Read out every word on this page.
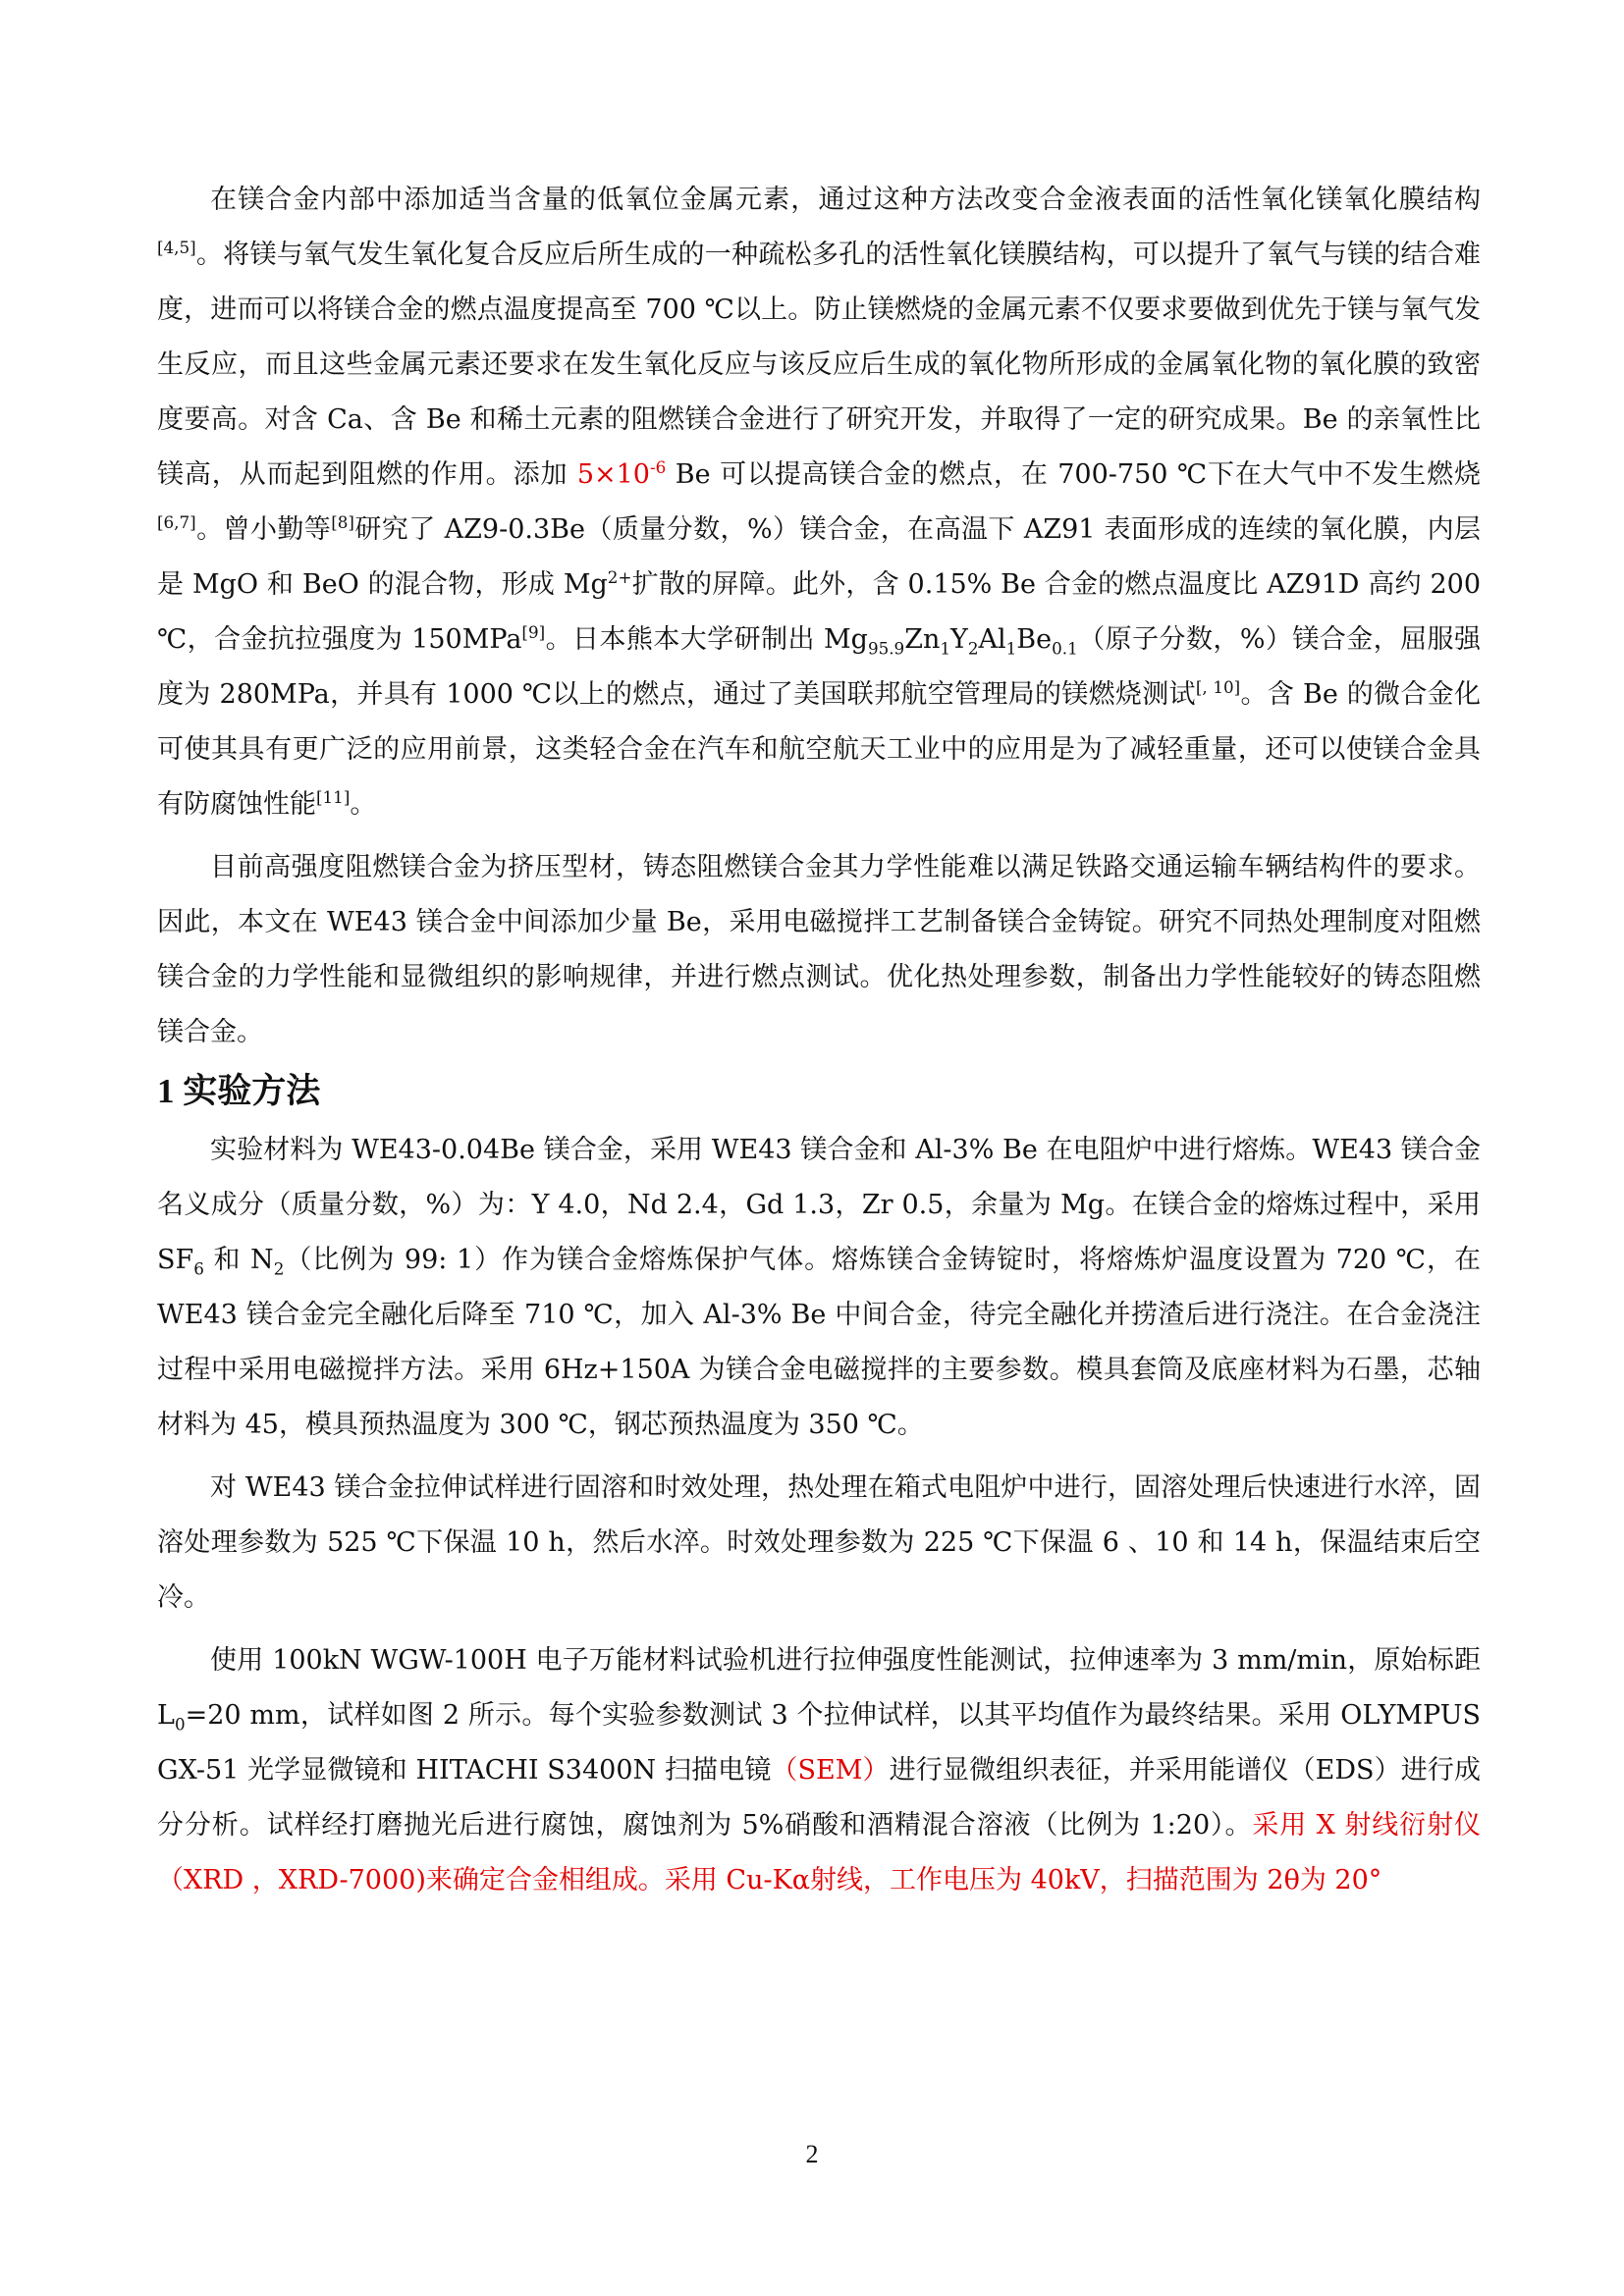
在镁合金内部中添加适当含量的低氧位金属元素，通过这种方法改变合金液表面的活性氧化镁氧化膜结构[4,5]。将镁与氧气发生氧化复合反应后所生成的一种疏松多孔的活性氧化镁膜结构，可以提升了氧气与镁的结合难度，进而可以将镁合金的燃点温度提高至 700 ℃以上。防止镁燃烧的金属元素不仅要求要做到优先于镁与氧气发生反应，而且这些金属元素还要求在发生氧化反应与该反应后生成的氧化物所形成的金属氧化物的氧化膜的致密度要高。对含 Ca、含 Be 和稀土元素的阻燃镁合金进行了研究开发，并取得了一定的研究成果。Be 的亲氧性比镁高，从而起到阻燃的作用。添加 $5\times 10^{-6}$ Be 可以提高镁合金的燃点，在 700-750 ℃下在大气中不发生燃烧[6,7]。曾小勤等[8]研究了 AZ9-0.3Be（质量分数，%）镁合金，在高温下 AZ91 表面形成的连续的氧化膜，内层是 MgO 和 BeO 的混合物，形成 $Mg^{2+}$扩散的屏障。此外，含 0.15% Be 合金的燃点温度比 AZ91D 高约 200 ℃，合金抗拉强度为 150MPa[9]。日本熊本大学研制出 $Mg_{95.9}Zn_1Y_2Al_1Be_{0.1}$（原子分数，%）镁合金，屈服强度为 280MPa，并具有 1000 ℃以上的燃点，通过了美国联邦航空管理局的镁燃烧测试[, 10]。含 Be 的微合金化可使其具有更广泛的应用前景，这类轻合金在汽车和航空航天工业中的应用是为了减轻重量，还可以使镁合金具有防腐蚀性能[11]。

目前高强度阻燃镁合金为挤压型材，铸态阻燃镁合金其力学性能难以满足铁路交通运输车辆结构件的要求。因此，本文在 WE43 镁合金中间添加少量 Be，采用电磁搅拌工艺制备镁合金铸锭。研究不同热处理制度对阻燃镁合金的力学性能和显微组织的影响规律，并进行燃点测试。优化热处理参数，制备出力学性能较好的铸态阻燃镁合金。

1 实验方法

实验材料为 WE43-0.04Be 镁合金，采用 WE43 镁合金和 Al-3% Be 在电阻炉中进行熔炼。WE43 镁合金名义成分（质量分数，%）为：Y 4.0，Nd 2.4，Gd 1.3，Zr 0.5，余量为 Mg。在镁合金的熔炼过程中，采用 $SF_6$ 和 $N_2$（比例为 99: 1）作为镁合金熔炼保护气体。熔炼镁合金铸锭时，将熔炼炉温度设置为 720 ℃，在 WE43 镁合金完全融化后降至 710 ℃，加入 Al-3% Be 中间合金，待完全融化并捞渣后进行浇注。在合金浇注过程中采用电磁搅拌方法。采用 6Hz+150A 为镁合金电磁搅拌的主要参数。模具套筒及底座材料为石墨，芯轴材料为 45，模具预热温度为 300 ℃，钢芯预热温度为 350 ℃。

对 WE43 镁合金拉伸试样进行固溶和时效处理，热处理在箱式电阻炉中进行，固溶处理后快速进行水淬，固溶处理参数为 525 ℃下保温 10 h，然后水淬。时效处理参数为 225 ℃下保温 6 、10 和 14 h，保温结束后空冷。

使用 100kN WGW-100H 电子万能材料试验机进行拉伸强度性能测试，拉伸速率为 3 mm/min，原始标距 $L_0=20$ mm，试样如图 2 所示。每个实验参数测试 3 个拉伸试样，以其平均值作为最终结果。采用 OLYMPUS GX-51 光学显微镜和 HITACHI S3400N 扫描电镜（SEM）进行显微组织表征，并采用能谱仪（EDS）进行成分分析。试样经打磨抛光后进行腐蚀，腐蚀剂为 5%硝酸和酒精混合溶液（比例为 1:20）。采用 X 射线衍射仪（XRD ，XRD-7000)来确定合金相组成。采用 Cu-Kα射线，工作电压为 40kV，扫描范围为 2θ为 20°

2
